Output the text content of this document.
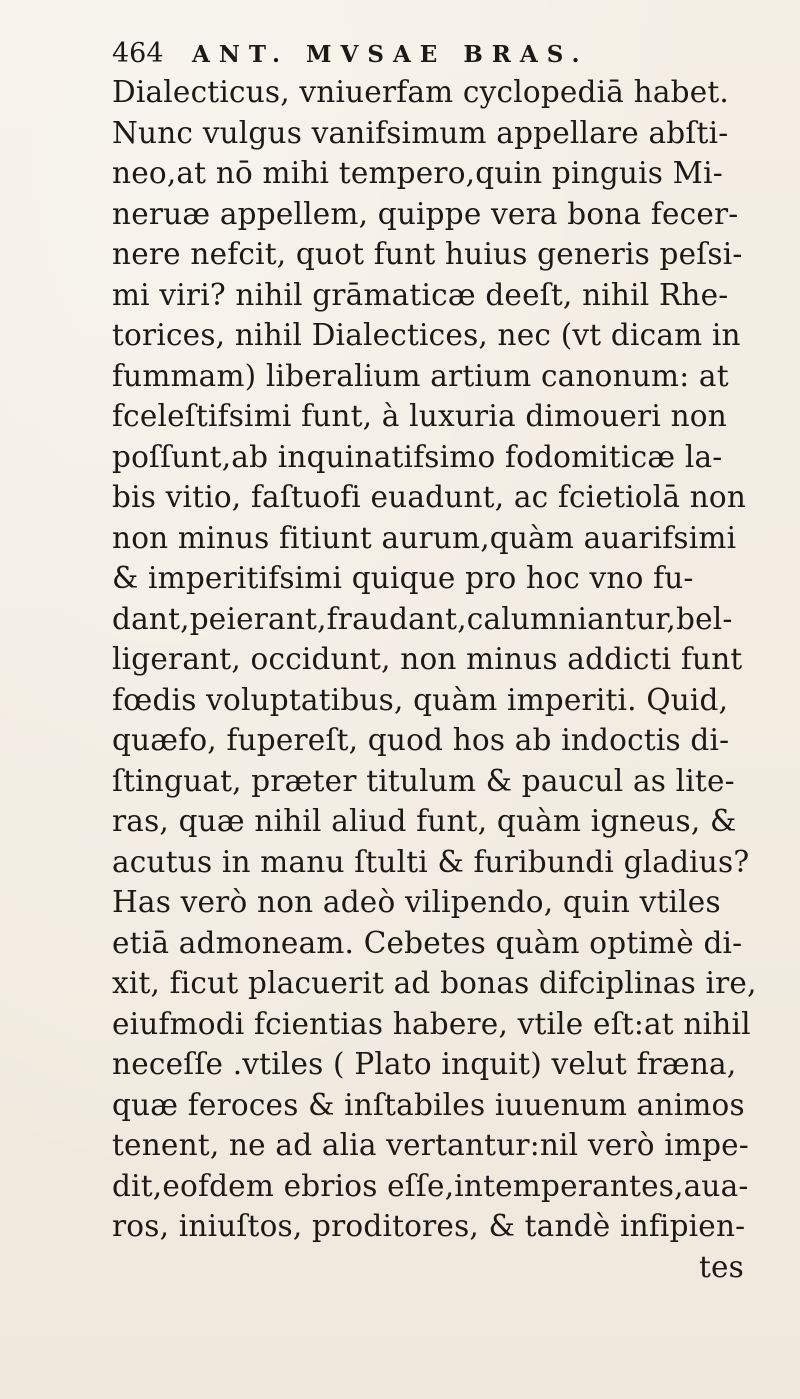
464	ANT. MVSAE BRAS.
Dialecticus, vniuerfam cyclopediā habet.
Nunc vulgus vanifsimum appellare abſti-
neo,at nō mihi tempero,quin pinguis Mi-
neruæ appellem, quippe vera bona fecer-
nere nefcit, quot funt huius generis peſsi-
mi viri? nihil grāmaticæ deeſt, nihil Rhe-
torices, nihil Dialectices, nec (vt dicam in
fummam) liberalium artium canonum: at
fceleſtifsimi funt, à luxuria dimoueri non
poſſunt,ab inquinatifsimo fodomiticæ la-
bis vitio, faſtuofi euadunt, ac fcietiolā non
non minus fitiunt aurum,quàm auarifsimi
& imperitifsimi quique pro hoc vno fu-
dant,peierant,fraudant,calumniantur,bel-
ligerant, occidunt, non minus addicti funt
fœdis voluptatibus, quàm imperiti. Quid,
quæfo, fupereſt, quod hos ab indoctis di-
ſtinguat, præter titulum & paucul as lite-
ras, quæ nihil aliud funt, quàm igneus, &
acutus in manu ſtulti & furibundi gladius?
Has verò non adeò vilipendo, quin vtiles
etiā admoneam. Cebetes quàm optimè di-
xit, ficut placuerit ad bonas difciplinas ire,
eiufmodi fcientias habere, vtile eſt:at nihil
neceſſe .vtiles ( Plato inquit) velut fræna,
quæ feroces & inſtabiles iuuenum animos
tenent, ne ad alia vertantur:nil verò impe-
dit,eofdem ebrios eſſe,intemperantes,aua-
ros, iniuſtos, proditores, & tandè infipien-
tes
